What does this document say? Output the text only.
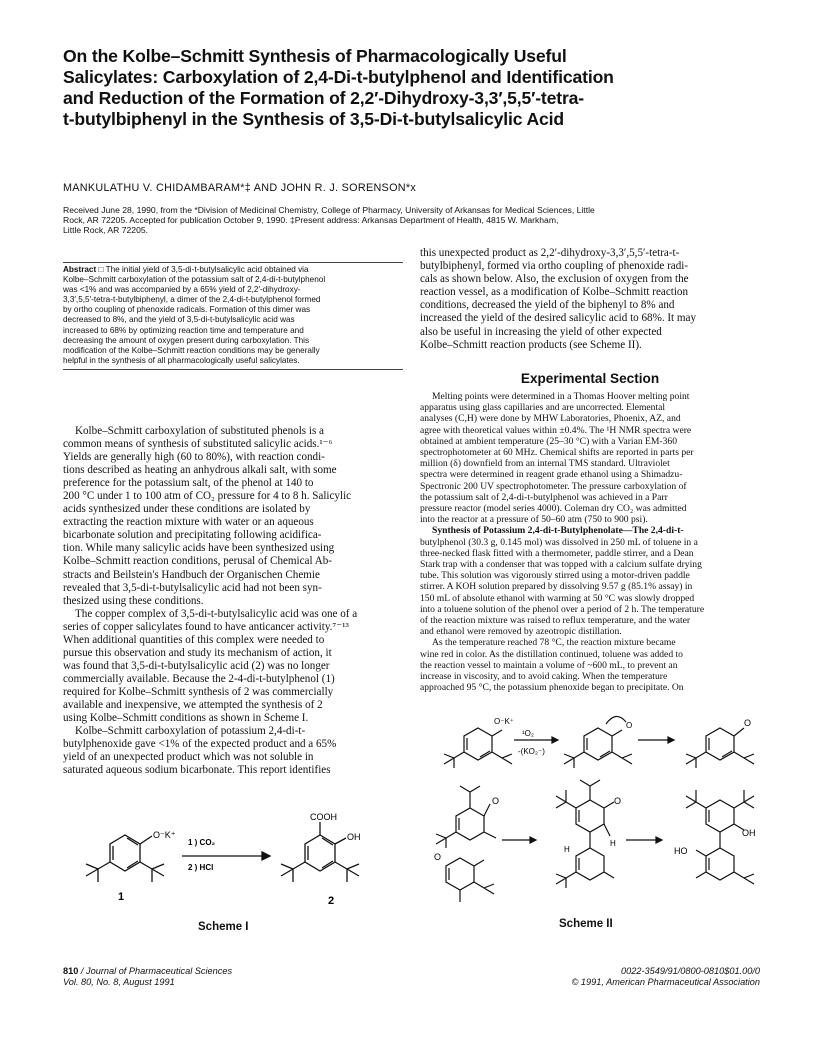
On the Kolbe–Schmitt Synthesis of Pharmacologically Useful
Salicylates: Carboxylation of 2,4-Di-t-butylphenol and Identification
and Reduction of the Formation of 2,2′-Dihydroxy-3,3′,5,5′-tetra-
t-butylbiphenyl in the Synthesis of 3,5-Di-t-butylsalicylic Acid
MANKULATHU V. CHIDAMBARAM*‡ AND JOHN R. J. SORENSON*x
Received June 28, 1990, from the *Division of Medicinal Chemistry, College of Pharmacy, University of Arkansas for Medical Sciences, Little
Rock, AR 72205. Accepted for publication October 9, 1990. ‡Present address: Arkansas Department of Health, 4815 W. Markham,
Little Rock, AR 72205.
Abstract □ The initial yield of 3,5-di-t-butylsalicylic acid obtained via
Kolbe–Schmitt carboxylation of the potassium salt of 2,4-di-t-butylphenol
was <1% and was accompanied by a 65% yield of 2,2′-dihydroxy-
3,3′,5,5′-tetra-t-butylbiphenyl, a dimer of the 2,4-di-t-butylphenol formed
by ortho coupling of phenoxide radicals. Formation of this dimer was
decreased to 8%, and the yield of 3,5-di-t-butylsalicylic acid was
increased to 68% by optimizing reaction time and temperature and
decreasing the amount of oxygen present during carboxylation. This
modification of the Kolbe–Schmitt reaction conditions may be generally
helpful in the synthesis of all pharmacologically useful salicylates.
Kolbe–Schmitt carboxylation of substituted phenols is a
common means of synthesis of substituted salicylic acids.¹⁻⁶
Yields are generally high (60 to 80%), with reaction condi-
tions described as heating an anhydrous alkali salt, with some
preference for the potassium salt, of the phenol at 140 to
200 °C under 1 to 100 atm of CO₂ pressure for 4 to 8 h. Salicylic
acids synthesized under these conditions are isolated by
extracting the reaction mixture with water or an aqueous
bicarbonate solution and precipitating following acidifica-
tion. While many salicylic acids have been synthesized using
Kolbe–Schmitt reaction conditions, perusal of Chemical Ab-
stracts and Beilstein's Handbuch der Organischen Chemie
revealed that 3,5-di-t-butylsalicylic acid had not been syn-
thesized using these conditions.
The copper complex of 3,5-di-t-butylsalicylic acid was one of a
series of copper salicylates found to have anticancer activity.⁷⁻¹³
When additional quantities of this complex were needed to
pursue this observation and study its mechanism of action, it
was found that 3,5-di-t-butylsalicylic acid (2) was no longer
commercially available. Because the 2-4-di-t-butylphenol (1)
required for Kolbe–Schmitt synthesis of 2 was commercially
available and inexpensive, we attempted the synthesis of 2
using Kolbe–Schmitt conditions as shown in Scheme I.
Kolbe–Schmitt carboxylation of potassium 2,4-di-t-
butylphenoxide gave <1% of the expected product and a 65%
yield of an unexpected product which was not soluble in
saturated aqueous sodium bicarbonate. This report identifies
this unexpected product as 2,2′-dihydroxy-3,3′,5,5′-tetra-t-
butylbiphenyl, formed via ortho coupling of phenoxide radi-
cals as shown below. Also, the exclusion of oxygen from the
reaction vessel, as a modification of Kolbe–Schmitt reaction
conditions, decreased the yield of the biphenyl to 8% and
increased the yield of the desired salicylic acid to 68%. It may
also be useful in increasing the yield of other expected
Kolbe–Schmitt reaction products (see Scheme II).
Experimental Section
Melting points were determined in a Thomas Hoover melting point
apparatus using glass capillaries and are uncorrected. Elemental
analyses (C,H) were done by MHW Laboratories, Phoenix, AZ, and
agree with theoretical values within ±0.4%. The ¹H NMR spectra were
obtained at ambient temperature (25–30 °C) with a Varian EM-360
spectrophotometer at 60 MHz. Chemical shifts are reported in parts per
million (δ) downfield from an internal TMS standard. Ultraviolet
spectra were determined in reagent grade ethanol using a Shimadzu-
Spectronic 200 UV spectrophotometer. The pressure carboxylation of
the potassium salt of 2,4-di-t-butylphenol was achieved in a Parr
pressure reactor (model series 4000). Coleman dry CO₂ was admitted
into the reactor at a pressure of 50–60 atm (750 to 900 psi).
Synthesis of Potassium 2,4-di-t-Butylphenolate—The 2,4-di-t-
butylphenol (30.3 g, 0.145 mol) was dissolved in 250 mL of toluene in a
three-necked flask fitted with a thermometer, paddle stirrer, and a Dean
Stark trap with a condenser that was topped with a calcium sulfate drying
tube. This solution was vigorously stirred using a motor-driven paddle
stirrer. A KOH solution prepared by dissolving 9.57 g (85.1% assay) in
150 mL of absolute ethanol with warming at 50 °C was slowly dropped
into a toluene solution of the phenol over a period of 2 h. The temperature
of the reaction mixture was raised to reflux temperature, and the water
and ethanol were removed by azeotropic distillation.
As the temperature reached 78 °C, the reaction mixture became
wine red in color. As the distillation continued, toluene was added to
the reaction vessel to maintain a volume of ~600 mL, to prevent an
increase in viscosity, and to avoid caking. When the temperature
approached 95 °C, the potassium phenoxide began to precipitate. On
O⁻K⁺
1 ) CO₂
2 ) HCl
COOH
OH
1	2
Scheme I
O⁻K⁺
¹O₂
-(KO₂⁻)
O	O
O
O
O
H
H
OH
HO
Scheme II
810 / Journal of Pharmaceutical Sciences
Vol. 80, No. 8, August 1991
0022-3549/91/0800-0810$01.00/0
© 1991, American Pharmaceutical Association
